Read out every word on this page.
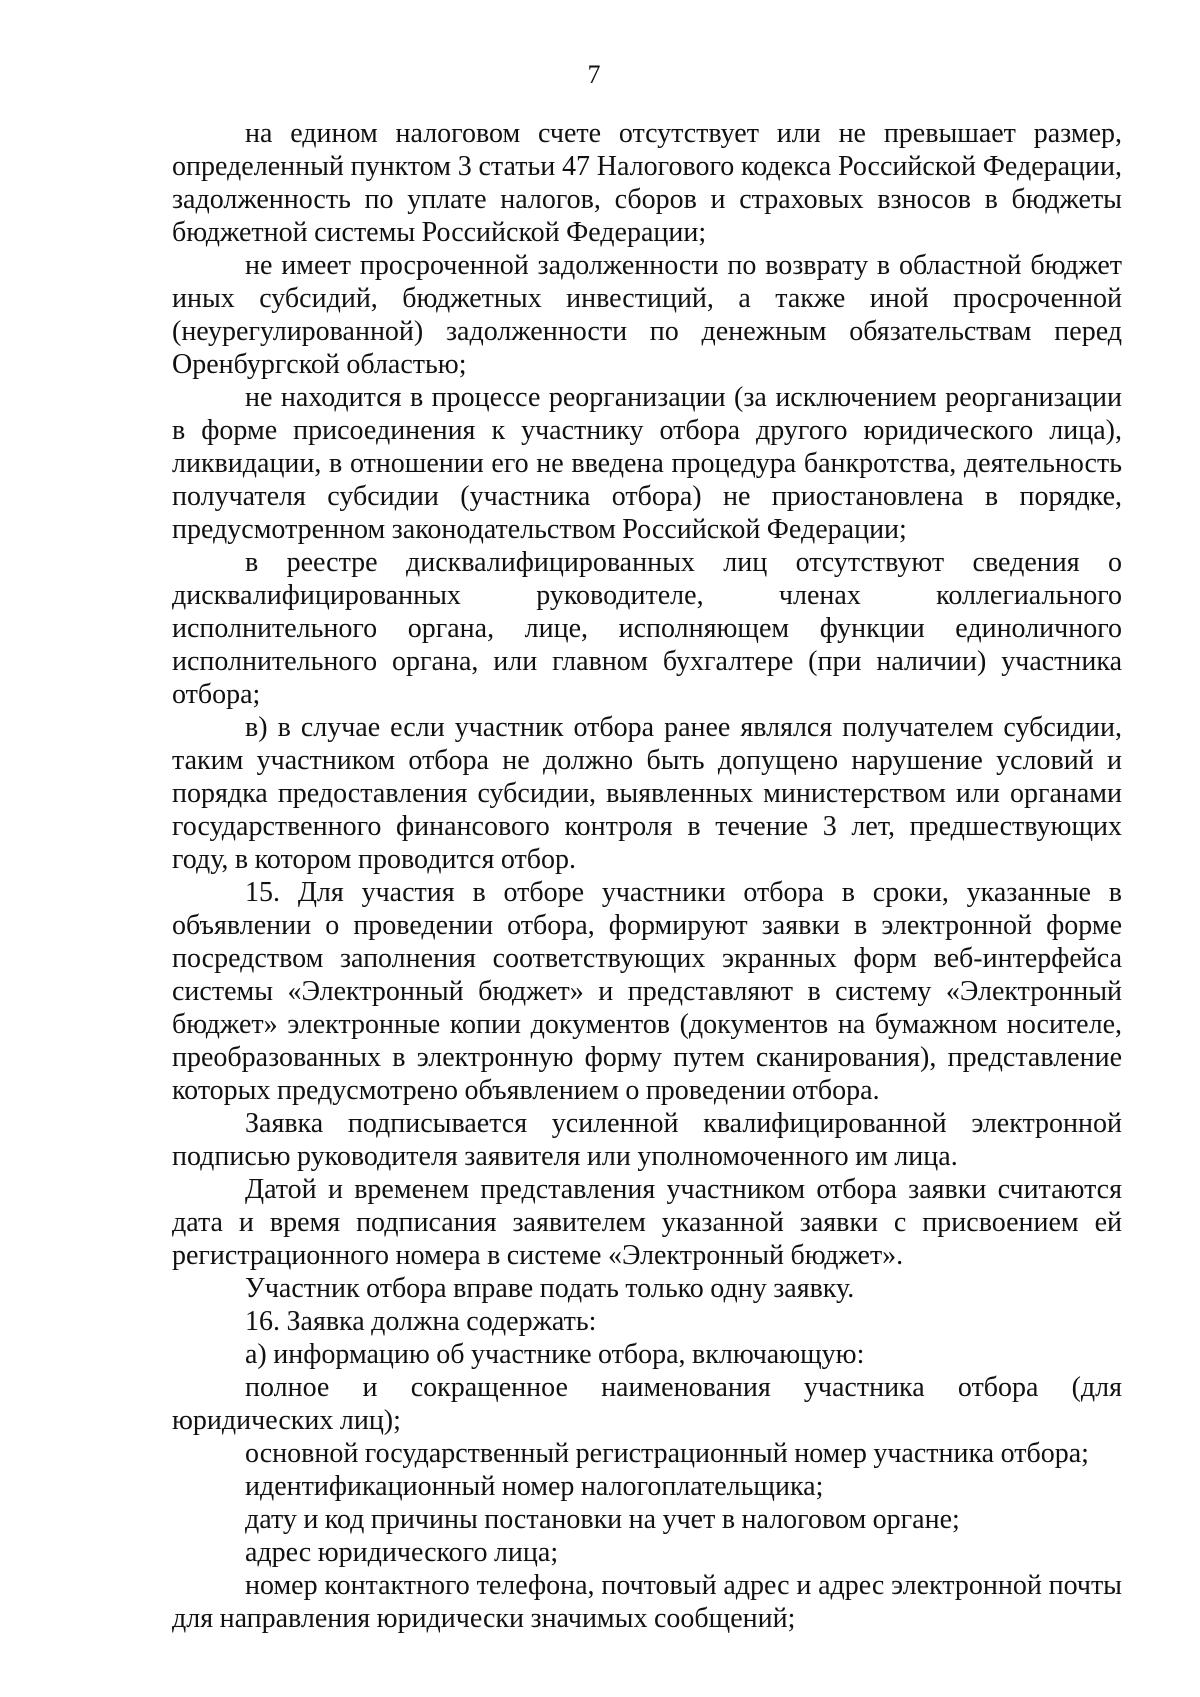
7

на едином налоговом счете отсутствует или не превышает размер, определенный пунктом 3 статьи 47 Налогового кодекса Российской Федерации, задолженность по уплате налогов, сборов и страховых взносов в бюджеты бюджетной системы Российской Федерации;

не имеет просроченной задолженности по возврату в областной бюджет иных субсидий, бюджетных инвестиций, а также иной просроченной (неурегулированной) задолженности по денежным обязательствам перед Оренбургской областью;

не находится в процессе реорганизации (за исключением реорганизации в форме присоединения к участнику отбора другого юридического лица), ликвидации, в отношении его не введена процедура банкротства, деятельность получателя субсидии (участника отбора) не приостановлена в порядке, предусмотренном законодательством Российской Федерации;

в реестре дисквалифицированных лиц отсутствуют сведения о дисквалифицированных руководителе, членах коллегиального исполнительного органа, лице, исполняющем функции единоличного исполнительного органа, или главном бухгалтере (при наличии) участника отбора;

в) в случае если участник отбора ранее являлся получателем субсидии, таким участником отбора не должно быть допущено нарушение условий и порядка предоставления субсидии, выявленных министерством или органами государственного финансового контроля в течение 3 лет, предшествующих году, в котором проводится отбор.

15. Для участия в отборе участники отбора в сроки, указанные в объявлении о проведении отбора, формируют заявки в электронной форме посредством заполнения соответствующих экранных форм веб-интерфейса системы «Электронный бюджет» и представляют в систему «Электронный бюджет» электронные копии документов (документов на бумажном носителе, преобразованных в электронную форму путем сканирования), представление которых предусмотрено объявлением о проведении отбора.

Заявка подписывается усиленной квалифицированной электронной подписью руководителя заявителя или уполномоченного им лица.

Датой и временем представления участником отбора заявки считаются дата и время подписания заявителем указанной заявки с присвоением ей регистрационного номера в системе «Электронный бюджет».

Участник отбора вправе подать только одну заявку.

16. Заявка должна содержать:

а) информацию об участнике отбора, включающую:

полное и сокращенное наименования участника отбора (для юридических лиц);

основной государственный регистрационный номер участника отбора;

идентификационный номер налогоплательщика;

дату и код причины постановки на учет в налоговом органе;

адрес юридического лица;

номер контактного телефона, почтовый адрес и адрес электронной почты для направления юридически значимых сообщений;
